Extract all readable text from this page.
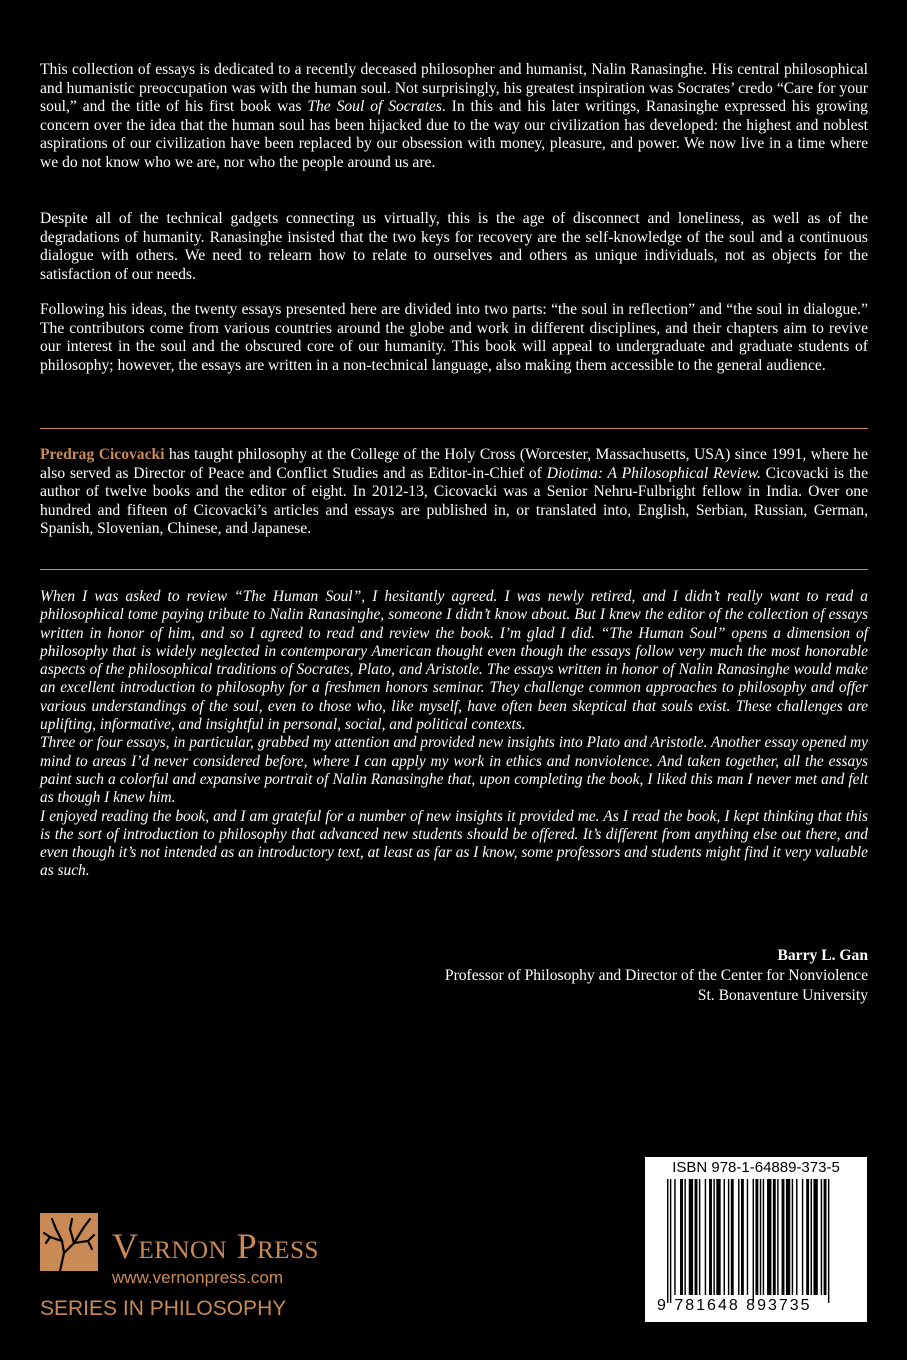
This collection of essays is dedicated to a recently deceased philosopher and humanist, Nalin Ranasinghe. His central philosophical and humanistic preoccupation was with the human soul. Not surprisingly, his greatest inspiration was Socrates’ credo “Care for your soul,” and the title of his first book was The Soul of Socrates. In this and his later writings, Ranasinghe expressed his growing concern over the idea that the human soul has been hijacked due to the way our civilization has developed: the highest and noblest aspirations of our civilization have been replaced by our obsession with money, pleasure, and power. We now live in a time where we do not know who we are, nor who the people around us are.

Despite all of the technical gadgets connecting us virtually, this is the age of disconnect and loneliness, as well as of the degradations of humanity. Ranasinghe insisted that the two keys for recovery are the self-knowledge of the soul and a continuous dialogue with others. We need to relearn how to relate to ourselves and others as unique individuals, not as objects for the satisfaction of our needs.

Following his ideas, the twenty essays presented here are divided into two parts: “the soul in reflection” and “the soul in dialogue.” The contributors come from various countries around the globe and work in different disciplines, and their chapters aim to revive our interest in the soul and the obscured core of our humanity. This book will appeal to undergraduate and graduate students of philosophy; however, the essays are written in a non-technical language, also making them accessible to the general audience.

Predrag Cicovacki has taught philosophy at the College of the Holy Cross (Worcester, Massachusetts, USA) since 1991, where he also served as Director of Peace and Conflict Studies and as Editor-in-Chief of Diotima: A Philosophical Review. Cicovacki is the author of twelve books and the editor of eight. In 2012-13, Cicovacki was a Senior Nehru-Fulbright fellow in India. Over one hundred and fifteen of Cicovacki’s articles and essays are published in, or translated into, English, Serbian, Russian, German, Spanish, Slovenian, Chinese, and Japanese.

When I was asked to review “The Human Soul”, I hesitantly agreed. I was newly retired, and I didn’t really want to read a philosophical tome paying tribute to Nalin Ranasinghe, someone I didn’t know about. But I knew the editor of the collection of essays written in honor of him, and so I agreed to read and review the book. I’m glad I did. “The Human Soul” opens a dimension of philosophy that is widely neglected in contemporary American thought even though the essays follow very much the most honorable aspects of the philosophical traditions of Socrates, Plato, and Aristotle. The essays written in honor of Nalin Ranasinghe would make an excellent introduction to philosophy for a freshmen honors seminar. They challenge common approaches to philosophy and offer various understandings of the soul, even to those who, like myself, have often been skeptical that souls exist. These challenges are uplifting, informative, and insightful in personal, social, and political contexts.

Three or four essays, in particular, grabbed my attention and provided new insights into Plato and Aristotle. Another essay opened my mind to areas I’d never considered before, where I can apply my work in ethics and nonviolence. And taken together, all the essays paint such a colorful and expansive portrait of Nalin Ranasinghe that, upon completing the book, I liked this man I never met and felt as though I knew him.

I enjoyed reading the book, and I am grateful for a number of new insights it provided me. As I read the book, I kept thinking that this is the sort of introduction to philosophy that advanced new students should be offered. It’s different from anything else out there, and even though it’s not intended as an introductory text, at least as far as I know, some professors and students might find it very valuable as such.

Barry L. Gan
Professor of Philosophy and Director of the Center for Nonviolence
St. Bonaventure University
Vernon Press
www.vernonpress.com
SERIES IN PHILOSOPHY
ISBN 978-1-64889-373-5
9 781648 893735
